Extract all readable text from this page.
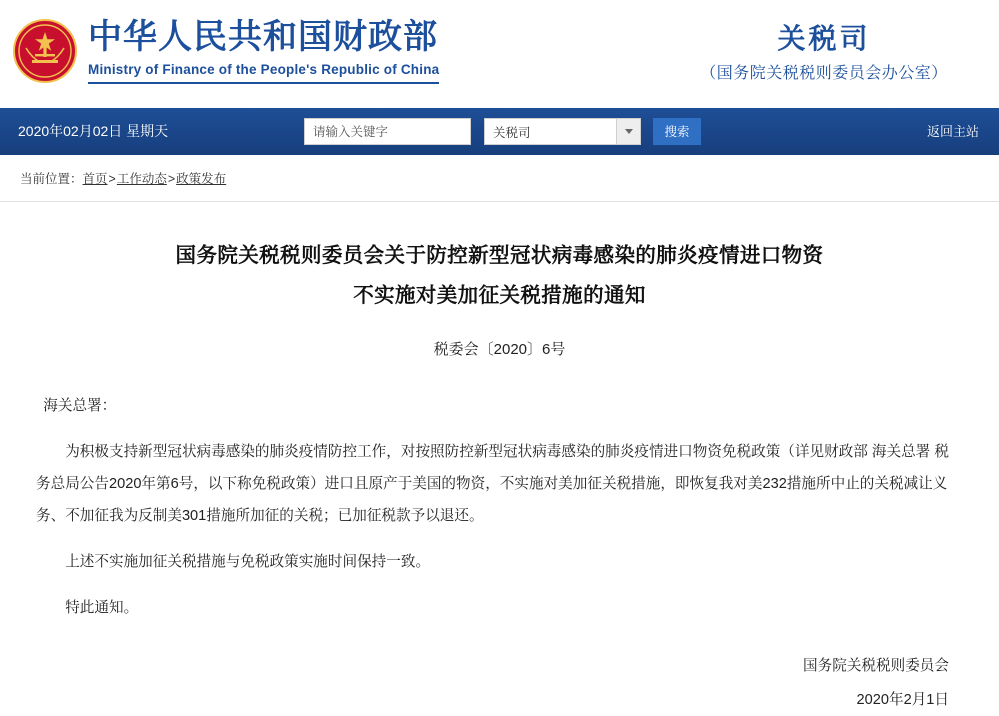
中华人民共和国财政部
Ministry of Finance of the People's Republic of China
关税司
（国务院关税税则委员会办公室）
2020年02月02日 星期天
请输入关键字	关税司	搜索	返回主站
当前位置：首页>工作动态>政策发布
国务院关税税则委员会关于防控新型冠状病毒感染的肺炎疫情进口物资
不实施对美加征关税措施的通知
税委会〔2020〕6号

海关总署：

为积极支持新型冠状病毒感染的肺炎疫情防控工作，对按照防控新型冠状病毒感染的肺炎疫情进口物资免税政策（详见财政部 海关总署 税务总局公告2020年第6号，以下称免税政策）进口且原产于美国的物资，不实施对美加征关税措施，即恢复我对美232措施所中止的关税减让义务、不加征我为反制美301措施所加征的关税；已加征税款予以退还。

上述不实施加征关税措施与免税政策实施时间保持一致。

特此通知。

国务院关税税则委员会
2020年2月1日
